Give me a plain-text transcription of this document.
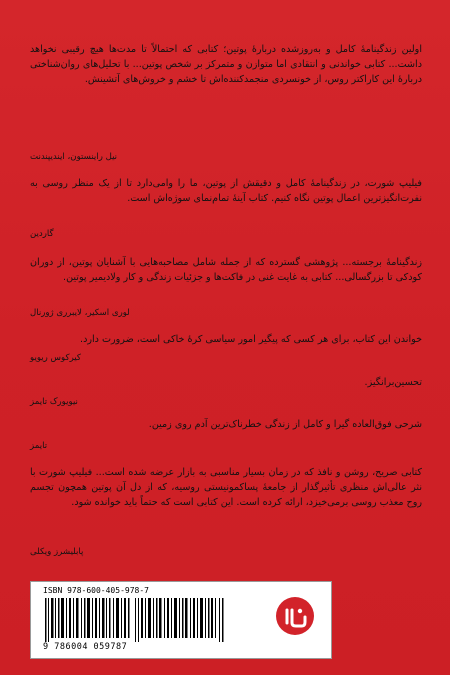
اولین زندگینامهٔ کامل و به‌روزشده دربارهٔ پوتین؛ کتابی که احتمالاً تا مدت‌ها هیچ رقیبی نخواهد داشت... کتابی خواندنی و انتقادی اما متوازن و متمرکز بر شخص پوتین... با تحلیل‌های روان‌شناختی دربارهٔ این کاراکتر روس، از خونسردی منجمدکننده‌اش تا خشم و خروش‌های آتشینش.

نیل راینستون، ایندیپندنت

فیلیپ شورت، در زندگینامهٔ کامل و دقیقش از پوتین، ما را وامی‌دارد تا از یک منظر روسی به نفرت‌انگیزترین اعمال پوتین نگاه کنیم. کتاب آینهٔ تمام‌نمای سوژه‌اش است.

گاردین

زندگینامهٔ برجسته... پژوهشی گسترده که از جمله شامل مصاحبه‌هایی با آشنایان پوتین، از دوران کودکی تا بزرگسالی... کتابی به غایت غنی در فاکت‌ها و جزئیات زندگی و کار ولادیمیر پوتین.

لوری اسکیر، لایبرری ژورنال

خواندن این کتاب، برای هر کسی که پیگیر امور سیاسی کرهٔ خاکی است، ضرورت دارد.

کیرکوس ریویو

تحسین‌برانگیز.

نیویورک تایمز

شرحی فوق‌العاده گیرا و کامل از زندگی خطرناک‌ترین آدم روی زمین.

تایمز

کتابی صریح، روشن و نافذ که در زمان بسیار مناسبی به بازار عرضه شده است... فیلیپ شورت با نثر عالی‌اش منظری تأثیرگذار از جامعهٔ پساکمونیستی روسیه، که از دل آن پوتین همچون تجسم روح معذب روسی برمی‌خیزد، ارائه کرده است. این کتابی است که حتماً باید خوانده شود.

پابلیشرز ویکلی
ISBN 978-600-405-978-7
9 786004 059787
